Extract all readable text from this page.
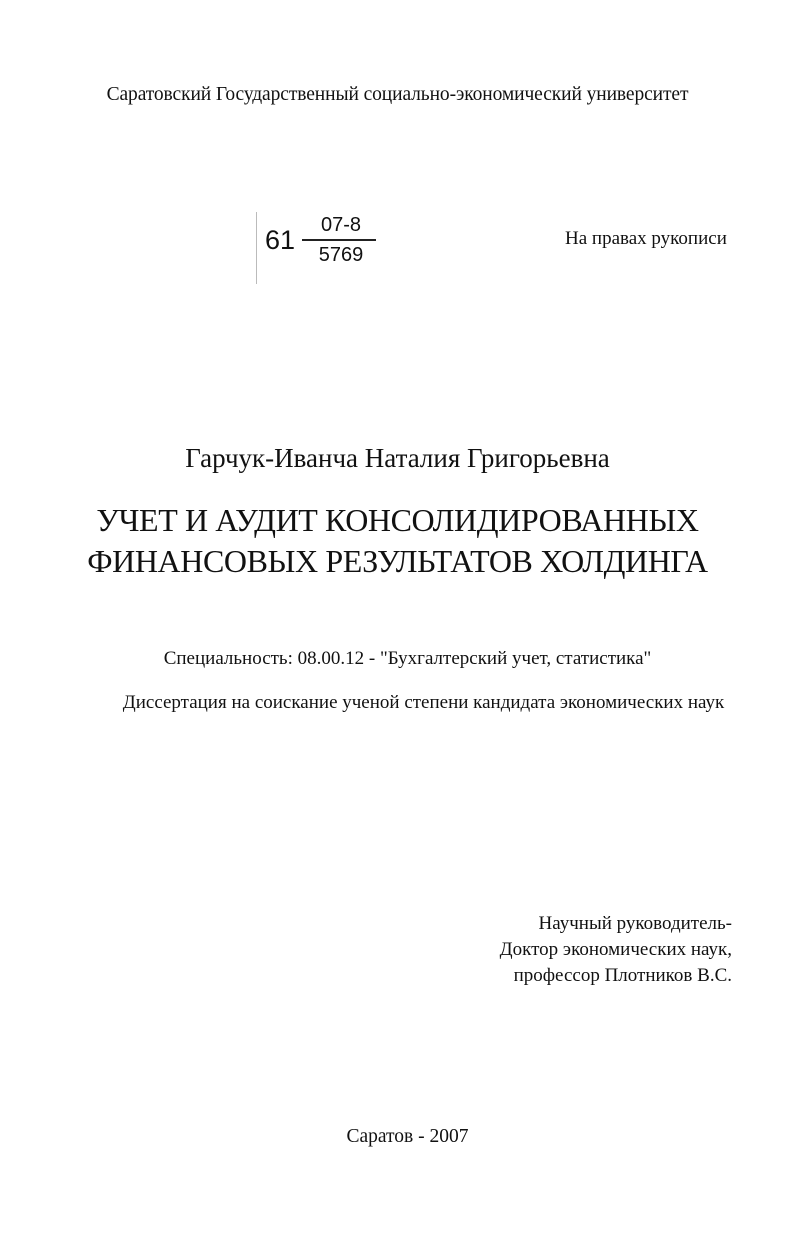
Саратовский Государственный социально-экономический университет
61	07-8
5769
На правах рукописи
Гарчук-Иванча Наталия Григорьевна
УЧЕТ И АУДИТ КОНСОЛИДИРОВАННЫХ
ФИНАНСОВЫХ РЕЗУЛЬТАТОВ ХОЛДИНГА
Специальность: 08.00.12 - "Бухгалтерский учет, статистика"
Диссертация на соискание ученой степени кандидата экономических наук
Научный руководитель-
Доктор экономических наук,
профессор Плотников В.С.
Саратов - 2007
